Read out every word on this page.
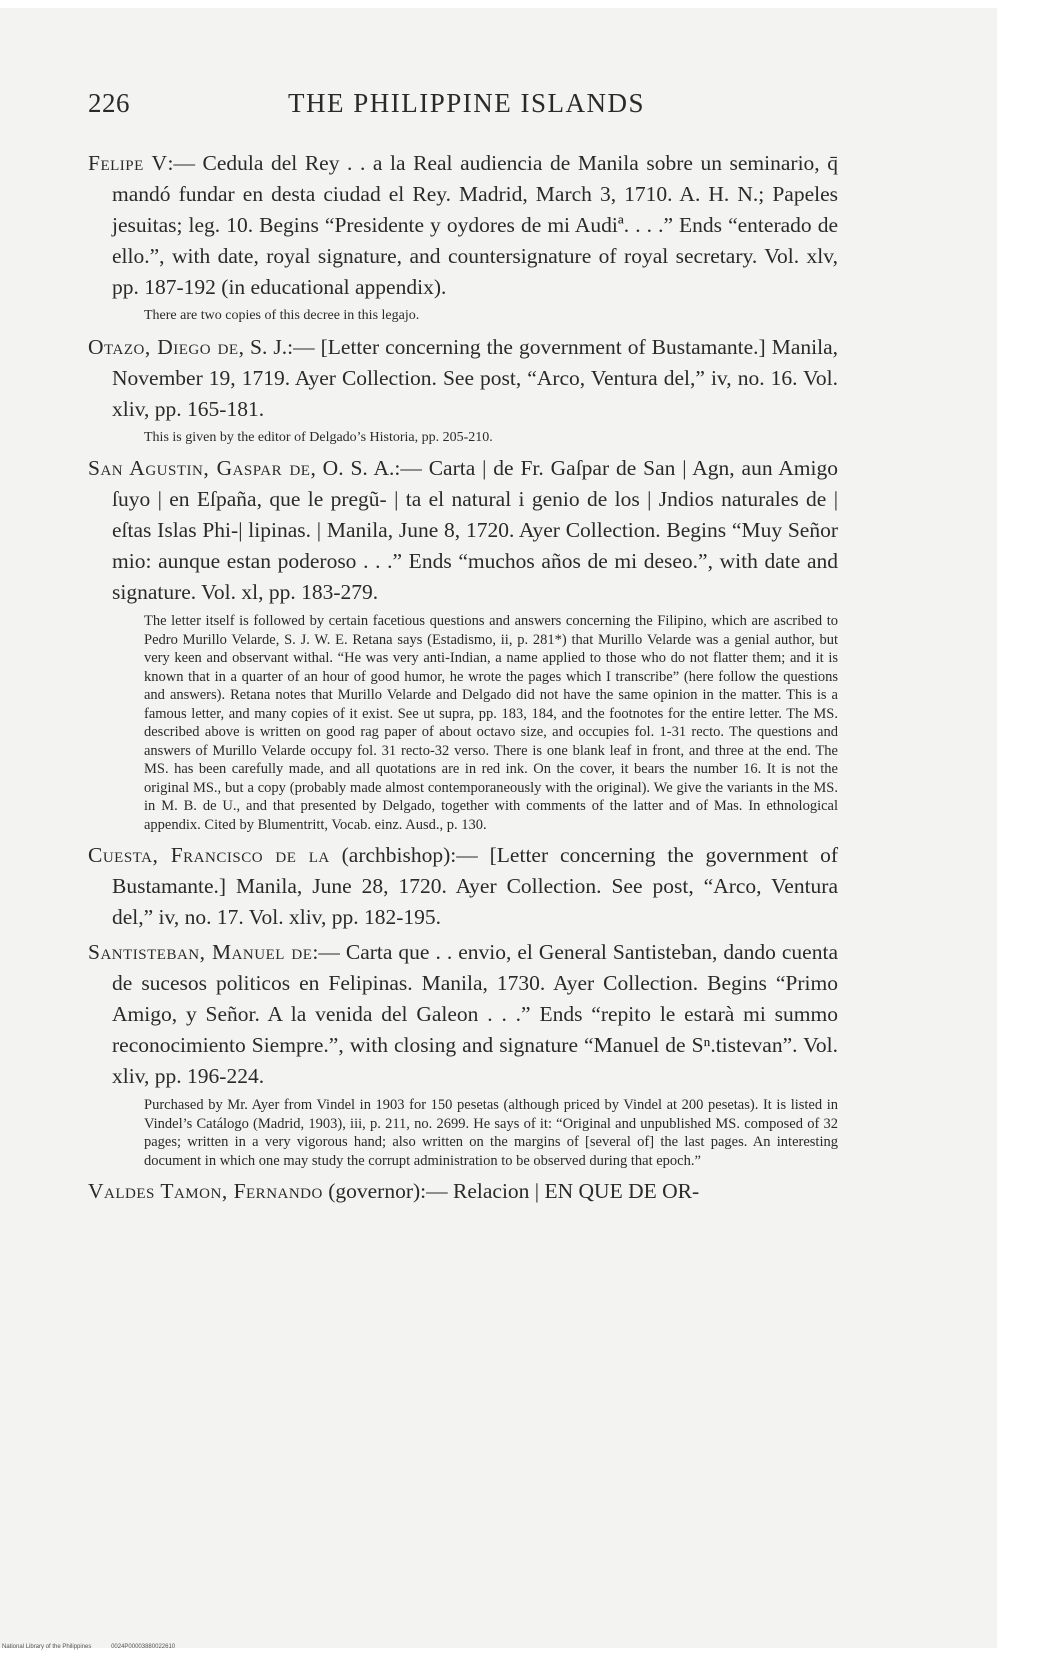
226	THE PHILIPPINE ISLANDS

Felipe V:— Cedula del Rey . . a la Real audiencia de Manila sobre un seminario, q̄ mandó fundar en desta ciudad el Rey. Madrid, March 3, 1710. A. H. N.; Papeles jesuitas; leg. 10. Begins “Presidente y oydores de mi Audiª. . . .” Ends “enterado de ello.”, with date, royal signature, and countersignature of royal secretary. Vol. xlv, pp. 187-192 (in educational appendix).

There are two copies of this decree in this legajo.

Otazo, Diego de, S. J.:— [Letter concerning the government of Bustamante.] Manila, November 19, 1719. Ayer Collection. See post, “Arco, Ventura del,” iv, no. 16. Vol. xliv, pp. 165-181.

This is given by the editor of Delgado’s Historia, pp. 205-210.

San Agustin, Gaspar de, O. S. A.:— Carta | de Fr. Gaſpar de San | Agn, aun Amigo ſuyo | en Eſpaña, que le pregũ- | ta el natural i genio de los | Jndios naturales de | eſtas Islas Phi-| lipinas. | Manila, June 8, 1720. Ayer Collection. Begins “Muy Señor mio: aunque estan poderoso . . .” Ends “muchos años de mi deseo.”, with date and signature. Vol. xl, pp. 183-279.

The letter itself is followed by certain facetious questions and answers concerning the Filipino, which are ascribed to Pedro Murillo Velarde, S. J. W. E. Retana says (Estadismo, ii, p. 281*) that Murillo Velarde was a genial author, but very keen and observant withal. “He was very anti-Indian, a name applied to those who do not flatter them; and it is known that in a quarter of an hour of good humor, he wrote the pages which I transcribe” (here follow the questions and answers). Retana notes that Murillo Velarde and Delgado did not have the same opinion in the matter. This is a famous letter, and many copies of it exist. See ut supra, pp. 183, 184, and the footnotes for the entire letter. The MS. described above is written on good rag paper of about octavo size, and occupies fol. 1-31 recto. The questions and answers of Murillo Velarde occupy fol. 31 recto-32 verso. There is one blank leaf in front, and three at the end. The MS. has been carefully made, and all quotations are in red ink. On the cover, it bears the number 16. It is not the original MS., but a copy (probably made almost contemporaneously with the original). We give the variants in the MS. in M. B. de U., and that presented by Delgado, together with comments of the latter and of Mas. In ethnological appendix. Cited by Blumentritt, Vocab. einz. Ausd., p. 130.

Cuesta, Francisco de la (archbishop):— [Letter concerning the government of Bustamante.] Manila, June 28, 1720. Ayer Collection. See post, “Arco, Ventura del,” iv, no. 17. Vol. xliv, pp. 182-195.

Santisteban, Manuel de:— Carta que . . envio, el General Santisteban, dando cuenta de sucesos politicos en Felipinas. Manila, 1730. Ayer Collection. Begins “Primo Amigo, y Señor. A la venida del Galeon . . .” Ends “repito le estarà mi summo reconocimiento Siempre.”, with closing and signature “Manuel de Sⁿ.tistevan”. Vol. xliv, pp. 196-224.

Purchased by Mr. Ayer from Vindel in 1903 for 150 pesetas (although priced by Vindel at 200 pesetas). It is listed in Vindel’s Catálogo (Madrid, 1903), iii, p. 211, no. 2699. He says of it: “Original and unpublished MS. composed of 32 pages; written in a very vigorous hand; also written on the margins of [several of] the last pages. An interesting document in which one may study the corrupt administration to be observed during that epoch.”

Valdes Tamon, Fernando (governor):— Relacion | EN QUE DE OR-

National Library of the Philippines	0024P00003880022610
